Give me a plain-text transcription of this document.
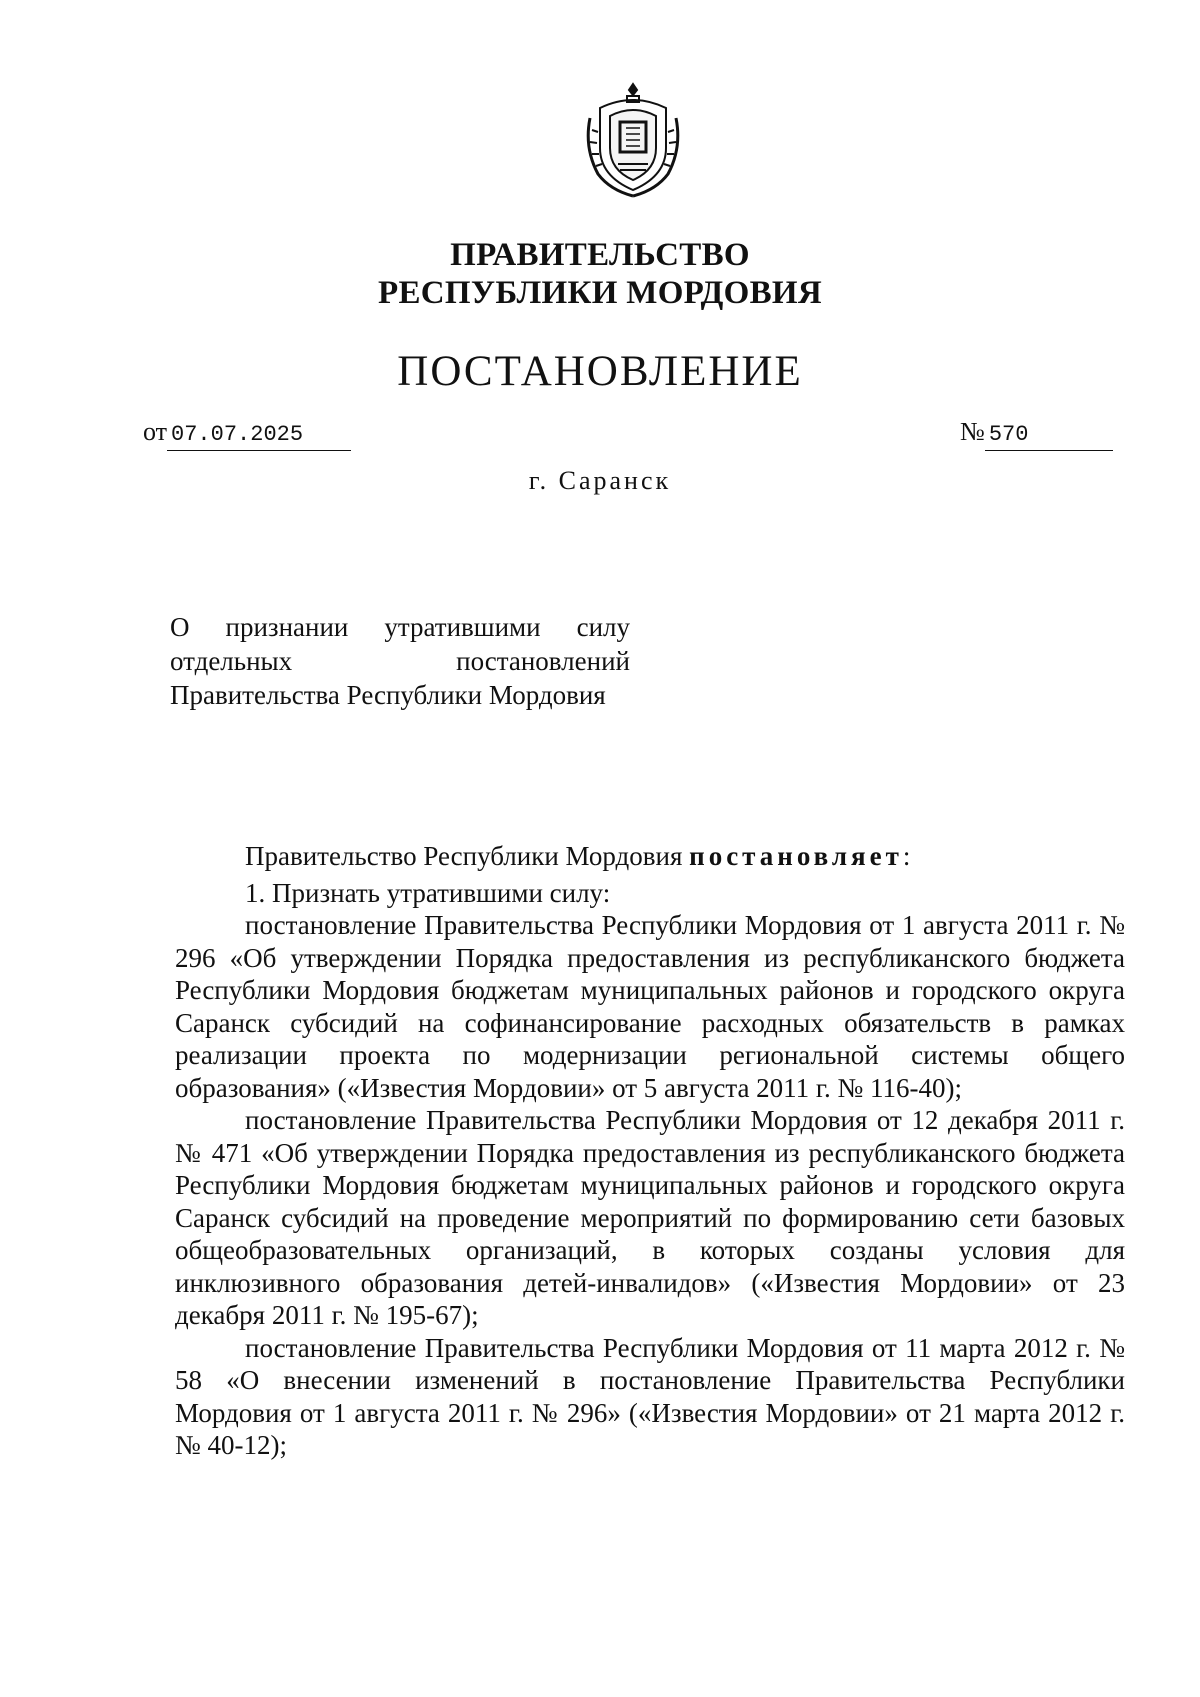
ПРАВИТЕЛЬСТВО
РЕСПУБЛИКИ МОРДОВИЯ
ПОСТАНОВЛЕНИЕ
от 07.07.2025	№ 570
г. Саранск
О признании утратившими силу отдельных постановлений Правительства Республики Мордовия

Правительство Республики Мордовия постановляет:

1. Признать утратившими силу:

постановление Правительства Республики Мордовия от 1 августа 2011 г. № 296 «Об утверждении Порядка предоставления из республиканского бюджета Республики Мордовия бюджетам муниципальных районов и городского округа Саранск субсидий на софинансирование расходных обязательств в рамках реализации проекта по модернизации региональной системы общего образования» («Известия Мордовии» от 5 августа 2011 г. № 116-40);

постановление Правительства Республики Мордовия от 12 декабря 2011 г. № 471 «Об утверждении Порядка предоставления из республиканского бюджета Республики Мордовия бюджетам муниципальных районов и городского округа Саранск субсидий на проведение мероприятий по формированию сети базовых общеобразовательных организаций, в которых созданы условия для инклюзивного образования детей-инвалидов» («Известия Мордовии» от 23 декабря 2011 г. № 195-67);

постановление Правительства Республики Мордовия от 11 марта 2012 г. № 58 «О внесении изменений в постановление Правительства Республики Мордовия от 1 августа 2011 г. № 296» («Известия Мордовии» от 21 марта 2012 г. № 40-12);
